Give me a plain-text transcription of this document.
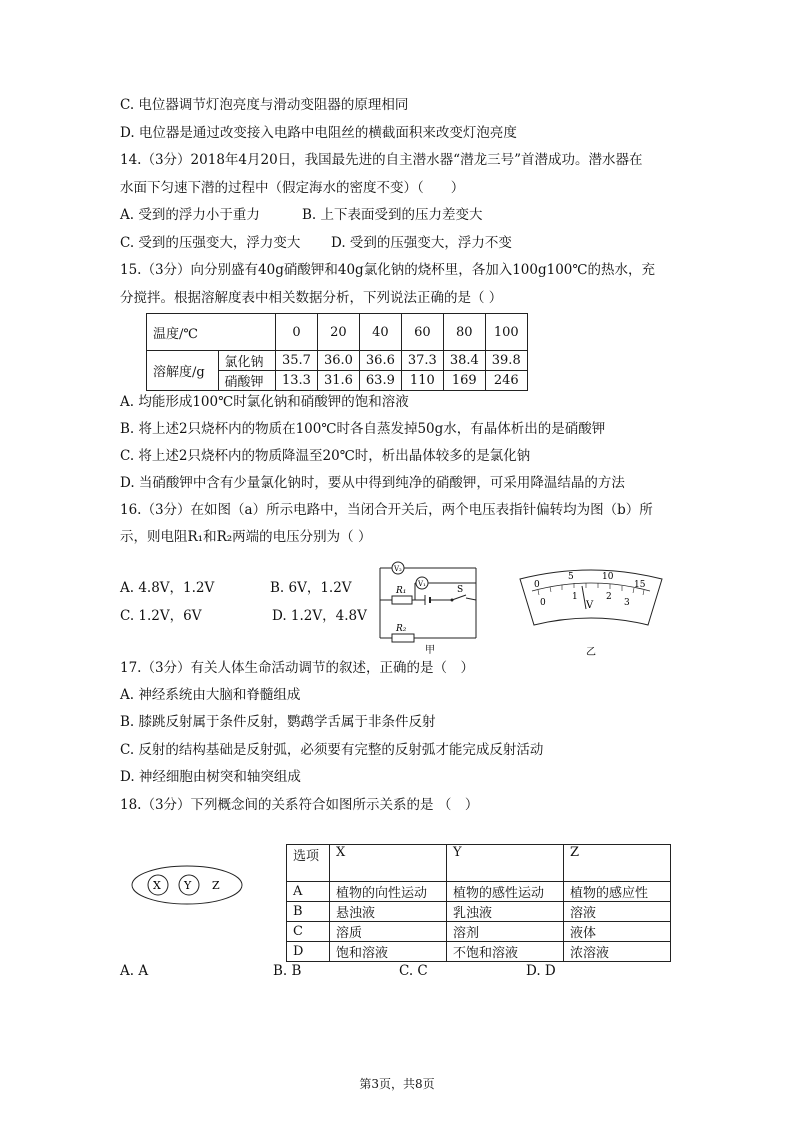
C. 电位器调节灯泡亮度与滑动变阻器的原理相同
D. 电位器是通过改变接入电路中电阻丝的横截面积来改变灯泡亮度
14.（3分）2018年4月20日，我国最先进的自主潜水器“潜龙三号”首潜成功。潜水器在
水面下匀速下潜的过程中（假定海水的密度不变）（　　）
A. 受到的浮力小于重力	B. 上下表面受到的压力差变大
C. 受到的压强变大，浮力变大 D. 受到的压强变大，浮力不变
15.（3分）向分别盛有40g硝酸钾和40g氯化钠的烧杯里，各加入100g100℃的热水，充
分搅拌。根据溶解度表中相关数据分析，下列说法正确的是（ ）
温度/℃		0	20	40	60	80	100
溶解度/g	氯化钠	35.7	36.0	36.6	37.3	38.4	39.8
	硝酸钾	13.3	31.6	63.9	110	169	246
A. 均能形成100℃时氯化钠和硝酸钾的饱和溶液
B. 将上述2只烧杯内的物质在100℃时各自蒸发掉50g水，有晶体析出的是硝酸钾
C. 将上述2只烧杯内的物质降温至20℃时，析出晶体较多的是氯化钠
D. 当硝酸钾中含有少量氯化钠时，要从中得到纯净的硝酸钾，可采用降温结晶的方法
16.（3分）在如图（a）所示电路中，当闭合开关后，两个电压表指针偏转均为图（b）所
示，则电阻R₁和R₂两端的电压分别为（ ）
A. 4.8V，1.2V	B. 6V，1.2V
C. 1.2V，6V	D. 1.2V，4.8V
R₁
R₂
S
V₂
V₁
甲
0
5	10
15
0
1	2
3
V
乙
17.（3分）有关人体生命活动调节的叙述，正确的是（　）
A. 神经系统由大脑和脊髓组成
B. 膝跳反射属于条件反射，鹦鹉学舌属于非条件反射
C. 反射的结构基础是反射弧，必须要有完整的反射弧才能完成反射活动
D. 神经细胞由树突和轴突组成
18.（3分）下列概念间的关系符合如图所示关系的是 （　）
X Y Z
选项	X	Y	Z
A	植物的向性运动	植物的感性运动	植物的感应性
B	悬浊液	乳浊液	溶液
C	溶质	溶剂	液体
D	饱和溶液	不饱和溶液	浓溶液
A. A	B. B	C. C	D. D
第3页，共8页
